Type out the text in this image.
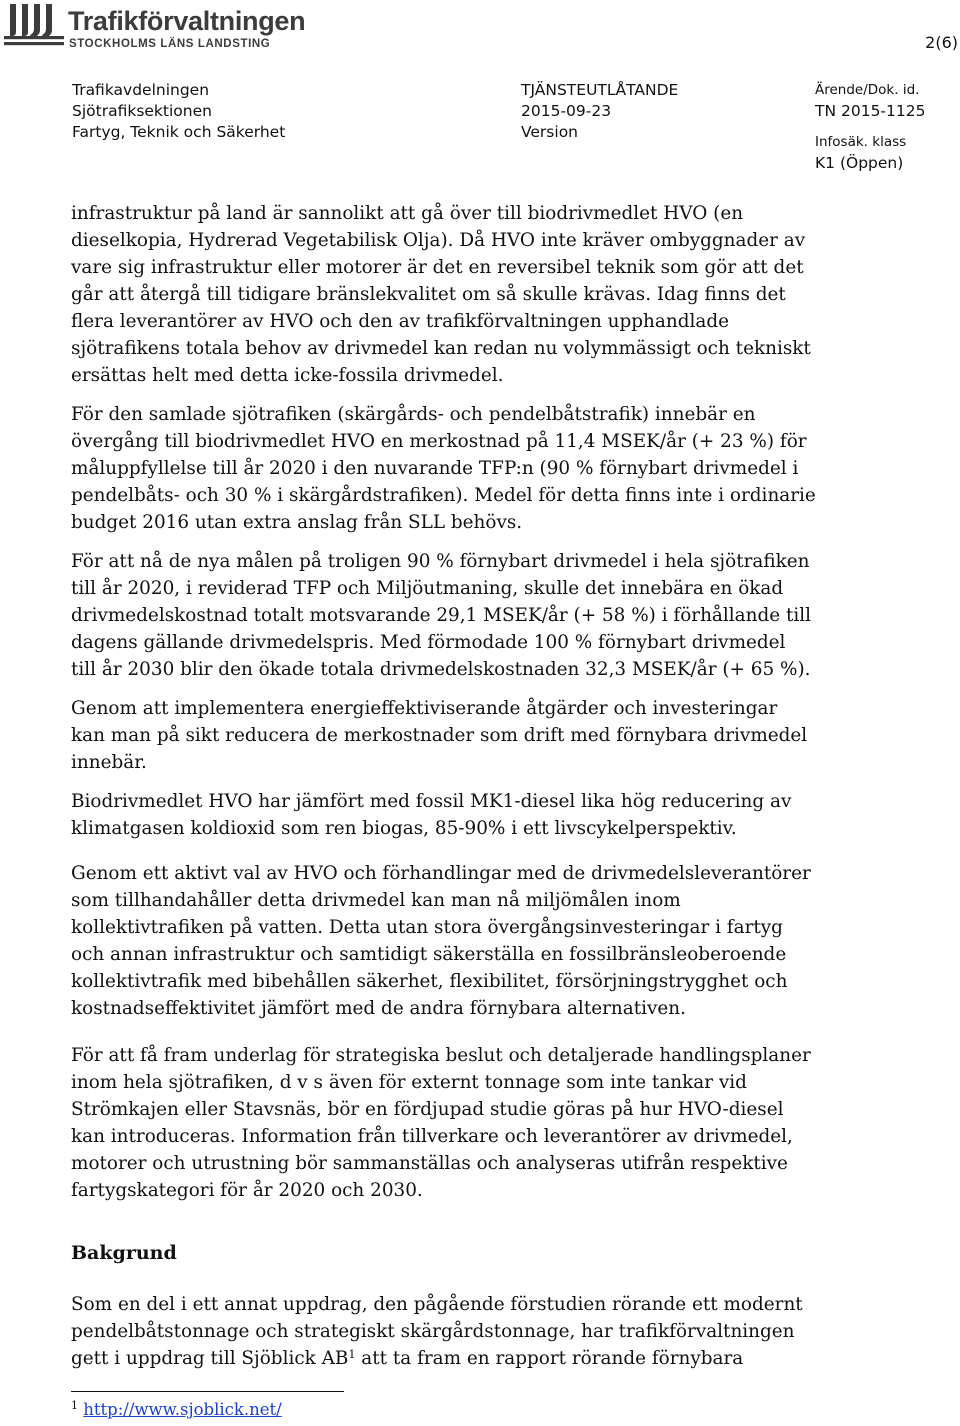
Trafikförvaltningen
STOCKHOLMS LÄNS LANDSTING	2(6)
Trafikavdelningen
Sjötrafiksektionen
Fartyg, Teknik och Säkerhet
TJÄNSTEUTLÅTANDE
2015-09-23
Version
Ärende/Dok. id.
TN 2015-1125
Infosäk. klass
K1 (Öppen)

infrastruktur på land är sannolikt att gå över till biodrivmedlet HVO (en dieselkopia, Hydrerad Vegetabilisk Olja). Då HVO inte kräver ombyggnader av vare sig infrastruktur eller motorer är det en reversibel teknik som gör att det går att återgå till tidigare bränslekvalitet om så skulle krävas. Idag finns det flera leverantörer av HVO och den av trafikförvaltningen upphandlade sjötrafikens totala behov av drivmedel kan redan nu volymmässigt och tekniskt ersättas helt med detta icke-fossila drivmedel.

För den samlade sjötrafiken (skärgårds- och pendelbåtstrafik) innebär en övergång till biodrivmedlet HVO en merkostnad på 11,4 MSEK/år (+ 23 %) för måluppfyllelse till år 2020 i den nuvarande TFP:n (90 % förnybart drivmedel i pendelbåts- och 30 % i skärgårdstrafiken). Medel för detta finns inte i ordinarie budget 2016 utan extra anslag från SLL behövs.

För att nå de nya målen på troligen 90 % förnybart drivmedel i hela sjötrafiken till år 2020, i reviderad TFP och Miljöutmaning, skulle det innebära en ökad drivmedelskostnad totalt motsvarande 29,1 MSEK/år (+ 58 %) i förhållande till dagens gällande drivmedelspris. Med förmodade 100 % förnybart drivmedel till år 2030 blir den ökade totala drivmedelskostnaden 32,3 MSEK/år (+ 65 %).

Genom att implementera energieffektiviserande åtgärder och investeringar kan man på sikt reducera de merkostnader som drift med förnybara drivmedel innebär.

Biodrivmedlet HVO har jämfört med fossil MK1-diesel lika hög reducering av klimatgasen koldioxid som ren biogas, 85-90% i ett livscykelperspektiv.

Genom ett aktivt val av HVO och förhandlingar med de drivmedelsleverantörer som tillhandahåller detta drivmedel kan man nå miljömålen inom kollektivtrafiken på vatten. Detta utan stora övergångsinvesteringar i fartyg och annan infrastruktur och samtidigt säkerställa en fossilbränsleoberoende kollektivtrafik med bibehållen säkerhet, flexibilitet, försörjningstrygghet och kostnadseffektivitet jämfört med de andra förnybara alternativen.

För att få fram underlag för strategiska beslut och detaljerade handlingsplaner inom hela sjötrafiken, d v s även för externt tonnage som inte tankar vid Strömkajen eller Stavsnäs, bör en fördjupad studie göras på hur HVO-diesel kan introduceras. Information från tillverkare och leverantörer av drivmedel, motorer och utrustning bör sammanställas och analyseras utifrån respektive fartygskategori för år 2020 och 2030.

Bakgrund

Som en del i ett annat uppdrag, den pågående förstudien rörande ett modernt pendelbåtstonnage och strategiskt skärgårdstonnage, har trafikförvaltningen gett i uppdrag till Sjöblick $AB^1$ att ta fram en rapport rörande förnybara

$^1$ http://www.sjoblick.net/
